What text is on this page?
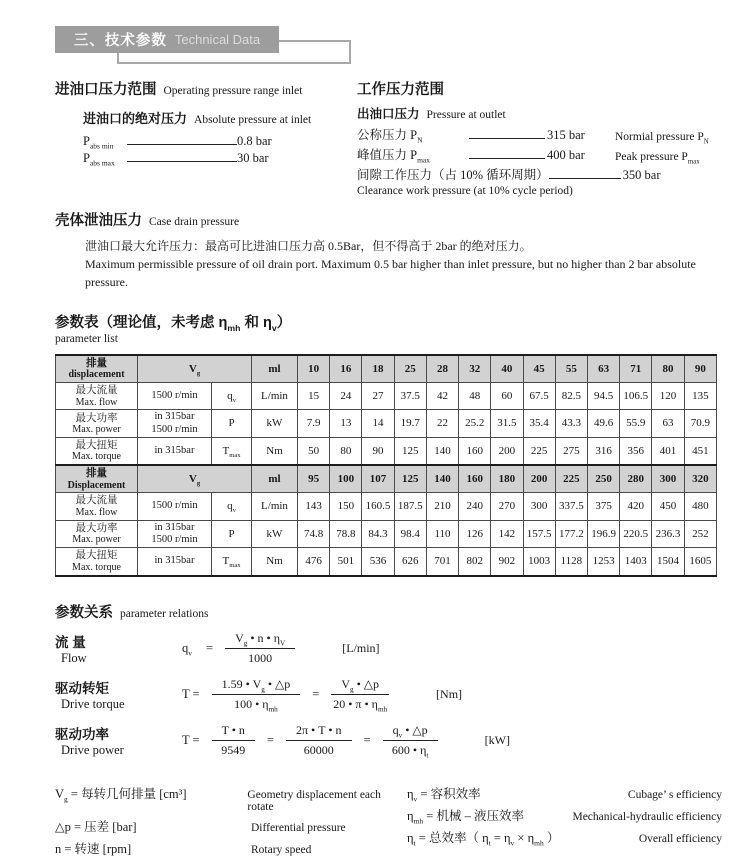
三、技术参数 Technical Data
进油口压力范围 Operating pressure range inlet
进油口的绝对压力 Absolute pressure at inlet
$P_{abs min}$	0.8 bar
$P_{abs max}$	30 bar
工作压力范围
出油口压力 Pressure at outlet
公称压力 $P_N$	315 bar	Normial pressure $P_N$
峰值压力 $P_{max}$	400 bar	Peak pressure $P_{max}$
间隙工作压力（占 10% 循环周期）	350 bar
Clearance work pressure (at 10% cycle period)
壳体泄油压力 Case drain pressure
泄油口最大允许压力：最高可比进油口压力高 0.5Bar，但不得高于 2bar 的绝对压力。
Maximum permissible pressure of oil drain port. Maximum 0.5 bar higher than inlet pressure, but no higher than 2 bar absolute pressure.
参数表（理论值，未考虑 $\eta_{mh}$ 和 $\eta_v$）
parameter list
排量
displacement	$V_g$		ml	10	16	18	25	28	32	40	45	55	63	71	80	90

最大流量
Max. flow	1500 r/min	$q_v$	L/min	15	24	27	37.5	42	48	60	67.5	82.5	94.5	106.5	120	135

最大功率
Max. power

in 315bar
1500 r/min	P	kW	7.9	13	14	19.7	22	25.2	31.5	35.4	43.3	49.6	55.9	63	70.9

最大扭矩
Max. torque	in 315bar	$T_{max}$	Nm	50	80	90	125	140	160	200	225	275	316	356	401	451

排量
Displacement	$V_g$		ml	95	100	107	125	140	160	180	200	225	250	280	300	320

最大流量
Max. flow	1500 r/min	$q_v$	L/min	143	150	160.5	187.5	210	240	270	300	337.5	375	420	450	480

最大功率
Max. power

in 315bar
1500 r/min	P	kW	74.8	78.8	84.3	98.4	110	126	142	157.5	177.2	196.9	220.5	236.3	252

最大扭矩
Max. torque	in 315bar	$T_{max}$	Nm	476	501	536	626	701	802	902	1003	1128	1253	1403	1504	1605
参数关系 parameter relations
流 量
Flow
$q_v = \frac{V_g • n • \eta_V}{1000}$	[L/min]
驱动转矩
Drive torque
$T = \frac{1.59 • V_g • \triangle p}{100 • \eta_{mh}} = \frac{V_g • \triangle p}{20 • \pi • \eta_{mh}}$	[Nm]
驱动功率
Drive power
$T = \frac{T • n}{9549} = \frac{2\pi • T • n}{60000} = \frac{q_v • \triangle p}{600 • \eta_t}$	[kW]
$V_g$ = 每转几何排量 [cm³]	Geometry displacement each rotate
△p = 压差 [bar]	Differential pressure
n = 转速 [rpm]	Rotary speed
$\eta_v$ = 容积效率	Cubage’ s efficiency
$\eta_{mh}$ = 机械 – 液压效率	Mechanical-hydraulic efficiency
$\eta_t$ = 总效率（ $\eta_t = \eta_v \times \eta_{mh}$ ）	Overall efficiency
